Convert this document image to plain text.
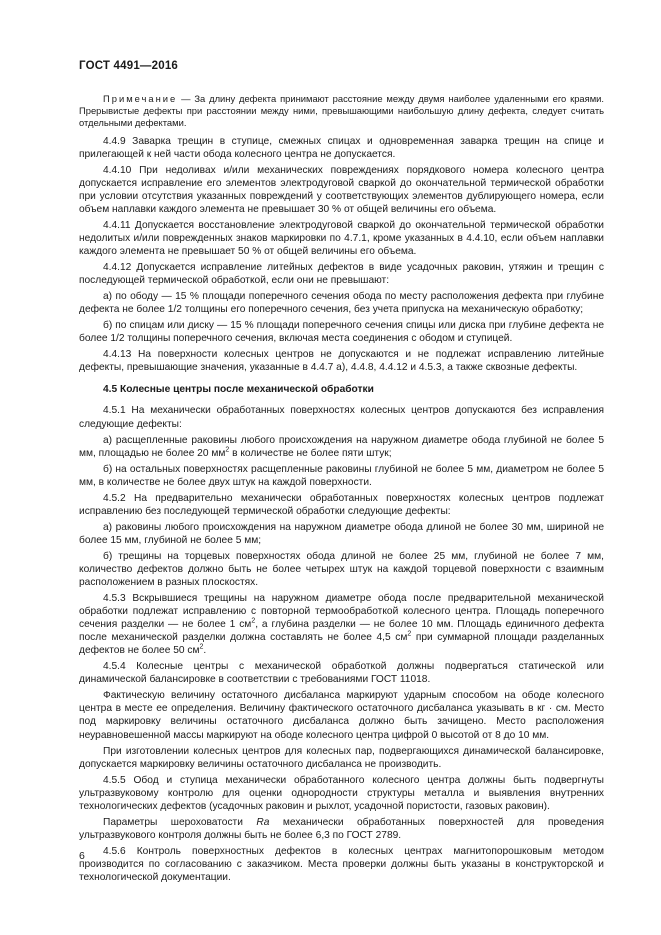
ГОСТ 4491—2016

Примечание — За длину дефекта принимают расстояние между двумя наиболее удаленными его краями. Прерывистые дефекты при расстоянии между ними, превышающими наибольшую длину дефекта, следует считать отдельными дефектами.

4.4.9 Заварка трещин в ступице, смежных спицах и одновременная заварка трещин на спице и прилегающей к ней части обода колесного центра не допускается.

4.4.10 При недоливах и/или механических повреждениях порядкового номера колесного центра допускается исправление его элементов электродуговой сваркой до окончательной термической обработки при условии отсутствия указанных повреждений у соответствующих элементов дублирующего номера, если объем наплавки каждого элемента не превышает 30 % от общей величины его объема.

4.4.11 Допускается восстановление электродуговой сваркой до окончательной термической обработки недолитых и/или поврежденных знаков маркировки по 4.7.1, кроме указанных в 4.4.10, если объем наплавки каждого элемента не превышает 50 % от общей величины его объема.

4.4.12 Допускается исправление литейных дефектов в виде усадочных раковин, утяжин и трещин с последующей термической обработкой, если они не превышают:

а) по ободу — 15 % площади поперечного сечения обода по месту расположения дефекта при глубине дефекта не более 1/2 толщины его поперечного сечения, без учета припуска на механическую обработку;

б) по спицам или диску — 15 % площади поперечного сечения спицы или диска при глубине дефекта не более 1/2 толщины поперечного сечения, включая места соединения с ободом и ступицей.

4.4.13 На поверхности колесных центров не допускаются и не подлежат исправлению литейные дефекты, превышающие значения, указанные в 4.4.7 а), 4.4.8, 4.4.12 и 4.5.3, а также сквозные дефекты.

4.5 Колесные центры после механической обработки

4.5.1 На механически обработанных поверхностях колесных центров допускаются без исправления следующие дефекты:

а) расщепленные раковины любого происхождения на наружном диаметре обода глубиной не более 5 мм, площадью не более 20 $мм^2$ в количестве не более пяти штук;

б) на остальных поверхностях расщепленные раковины глубиной не более 5 мм, диаметром не более 5 мм, в количестве не более двух штук на каждой поверхности.

4.5.2 На предварительно механически обработанных поверхностях колесных центров подлежат исправлению без последующей термической обработки следующие дефекты:

а) раковины любого происхождения на наружном диаметре обода длиной не более 30 мм, шириной не более 15 мм, глубиной не более 5 мм;

б) трещины на торцевых поверхностях обода длиной не более 25 мм, глубиной не более 7 мм, количество дефектов должно быть не более четырех штук на каждой торцевой поверхности с взаимным расположением в разных плоскостях.

4.5.3 Вскрывшиеся трещины на наружном диаметре обода после предварительной механической обработки подлежат исправлению с повторной термообработкой колесного центра. Площадь поперечного сечения разделки — не более 1 $см^2$, а глубина разделки — не более 10 мм. Площадь единичного дефекта после механической разделки должна составлять не более 4,5 $см^2$ при суммарной площади разделанных дефектов не более 50 $см^2$.

4.5.4 Колесные центры с механической обработкой должны подвергаться статической или динамической балансировке в соответствии с требованиями ГОСТ 11018.

Фактическую величину остаточного дисбаланса маркируют ударным способом на ободе колесного центра в месте ее определения. Величину фактического остаточного дисбаланса указывать в кг · см. Место под маркировку величины остаточного дисбаланса должно быть зачищено. Место расположения неуравновешенной массы маркируют на ободе колесного центра цифрой 0 высотой от 8 до 10 мм.

При изготовлении колесных центров для колесных пар, подвергающихся динамической балансировке, допускается маркировку величины остаточного дисбаланса не производить.

4.5.5 Обод и ступица механически обработанного колесного центра должны быть подвергнуты ультразвуковому контролю для оценки однородности структуры металла и выявления внутренних технологических дефектов (усадочных раковин и рыхлот, усадочной пористости, газовых раковин).

Параметры шероховатости Ra механически обработанных поверхностей для проведения ультразвукового контроля должны быть не более 6,3 по ГОСТ 2789.

4.5.6 Контроль поверхностных дефектов в колесных центрах магнитопорошковым методом производится по согласованию с заказчиком. Места проверки должны быть указаны в конструкторской и технологической документации.

6
